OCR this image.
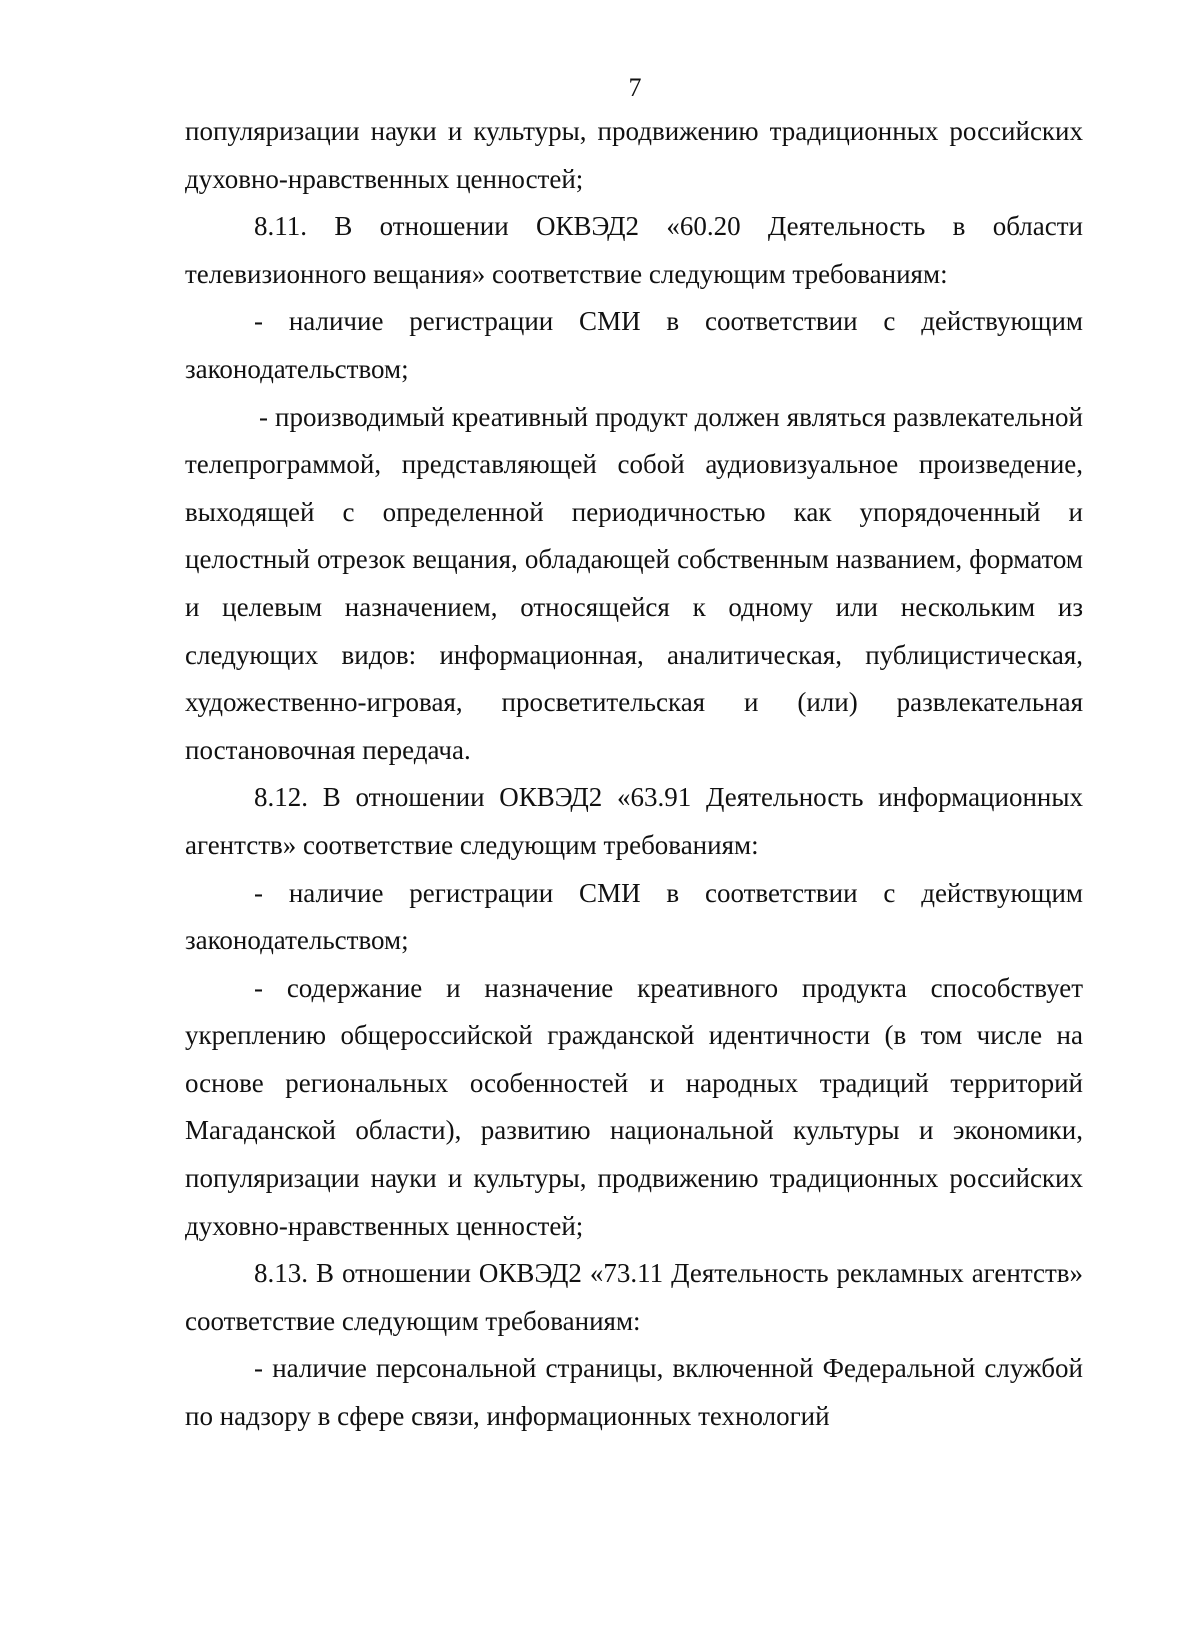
7

популяризации науки и культуры, продвижению традиционных российских духовно-нравственных ценностей;

8.11. В отношении ОКВЭД2 «60.20 Деятельность в области телевизионного вещания» соответствие следующим требованиям:

- наличие регистрации СМИ в соответствии с действующим законодательством;

- производимый креативный продукт должен являться развлекательной телепрограммой, представляющей собой аудиовизуальное произведение, выходящей с определенной периодичностью как упорядоченный и целостный отрезок вещания, обладающей собственным названием, форматом и целевым назначением, относящейся к одному или нескольким из следующих видов: информационная, аналитическая, публицистическая, художественно-игровая, просветительская и (или) развлекательная постановочная передача.

8.12. В отношении ОКВЭД2 «63.91 Деятельность информационных агентств» соответствие следующим требованиям:

- наличие регистрации СМИ в соответствии с действующим законодательством;

- содержание и назначение креативного продукта способствует укреплению общероссийской гражданской идентичности (в том числе на основе региональных особенностей и народных традиций территорий Магаданской области), развитию национальной культуры и экономики, популяризации науки и культуры, продвижению традиционных российских духовно-нравственных ценностей;

8.13. В отношении ОКВЭД2 «73.11 Деятельность рекламных агентств» соответствие следующим требованиям:

- наличие персональной страницы, включенной Федеральной службой по надзору в сфере связи, информационных технологий
